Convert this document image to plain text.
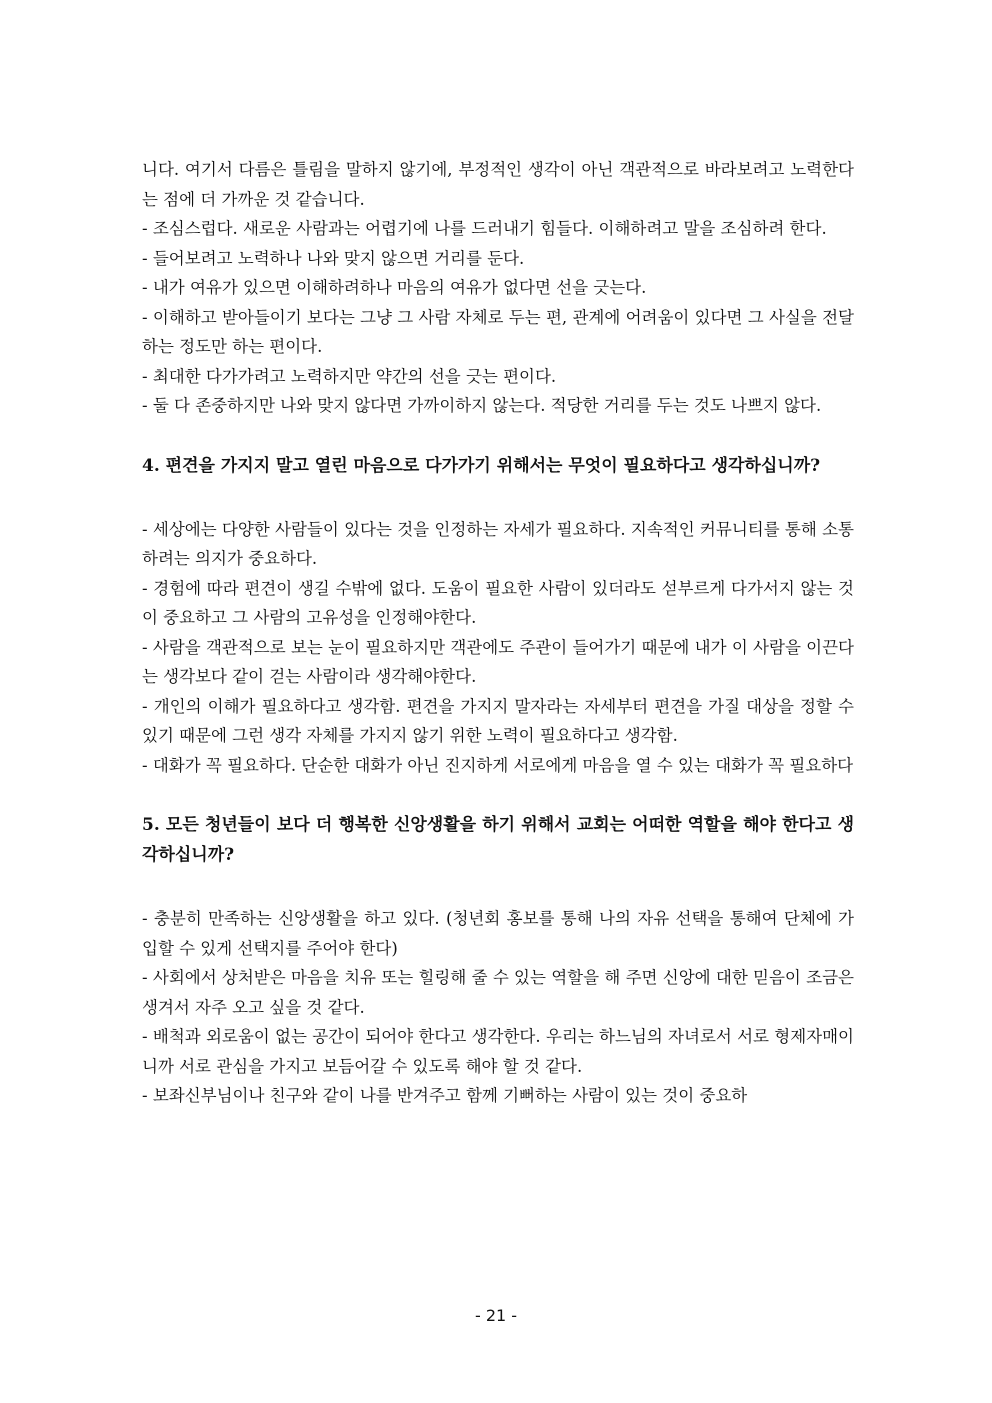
니다. 여기서 다름은 틀림을 말하지 않기에, 부정적인 생각이 아닌 객관적으로 바라보려고 노력한다는 점에 더 가까운 것 같습니다.

- 조심스럽다. 새로운 사람과는 어렵기에 나를 드러내기 힘들다. 이해하려고 말을 조심하려 한다.

- 들어보려고 노력하나 나와 맞지 않으면 거리를 둔다.

- 내가 여유가 있으면 이해하려하나 마음의 여유가 없다면 선을 긋는다.

- 이해하고 받아들이기 보다는 그냥 그 사람 자체로 두는 편, 관계에 어려움이 있다면 그 사실을 전달하는 정도만 하는 편이다.

- 최대한 다가가려고 노력하지만 약간의 선을 긋는 편이다.

- 둘 다 존중하지만 나와 맞지 않다면 가까이하지 않는다. 적당한 거리를 두는 것도 나쁘지 않다.

4. 편견을 가지지 말고 열린 마음으로 다가가기 위해서는 무엇이 필요하다고 생각하십니까?

- 세상에는 다양한 사람들이 있다는 것을 인정하는 자세가 필요하다. 지속적인 커뮤니티를 통해 소통하려는 의지가 중요하다.

- 경험에 따라 편견이 생길 수밖에 없다. 도움이 필요한 사람이 있더라도 섣부르게 다가서지 않는 것이 중요하고 그 사람의 고유성을 인정해야한다.

- 사람을 객관적으로 보는 눈이 필요하지만 객관에도 주관이 들어가기 때문에 내가 이 사람을 이끈다는 생각보다 같이 걷는 사람이라 생각해야한다.

- 개인의 이해가 필요하다고 생각함. 편견을 가지지 말자라는 자세부터 편견을 가질 대상을 정할 수 있기 때문에 그런 생각 자체를 가지지 않기 위한 노력이 필요하다고 생각함.

- 대화가 꼭 필요하다. 단순한 대화가 아닌 진지하게 서로에게 마음을 열 수 있는 대화가 꼭 필요하다

5. 모든 청년들이 보다 더 행복한 신앙생활을 하기 위해서 교회는 어떠한 역할을 해야 한다고 생각하십니까?

- 충분히 만족하는 신앙생활을 하고 있다. (청년회 홍보를 통해 나의 자유 선택을 통해여 단체에 가입할 수 있게 선택지를 주어야 한다)

- 사회에서 상처받은 마음을 치유 또는 힐링해 줄 수 있는 역할을 해 주면 신앙에 대한 믿음이 조금은 생겨서 자주 오고 싶을 것 같다.

- 배척과 외로움이 없는 공간이 되어야 한다고 생각한다. 우리는 하느님의 자녀로서 서로 형제자매이니까 서로 관심을 가지고 보듬어갈 수 있도록 해야 할 것 같다.

- 보좌신부님이나 친구와 같이 나를 반겨주고 함께 기뻐하는 사람이 있는 것이 중요하

- 21 -
